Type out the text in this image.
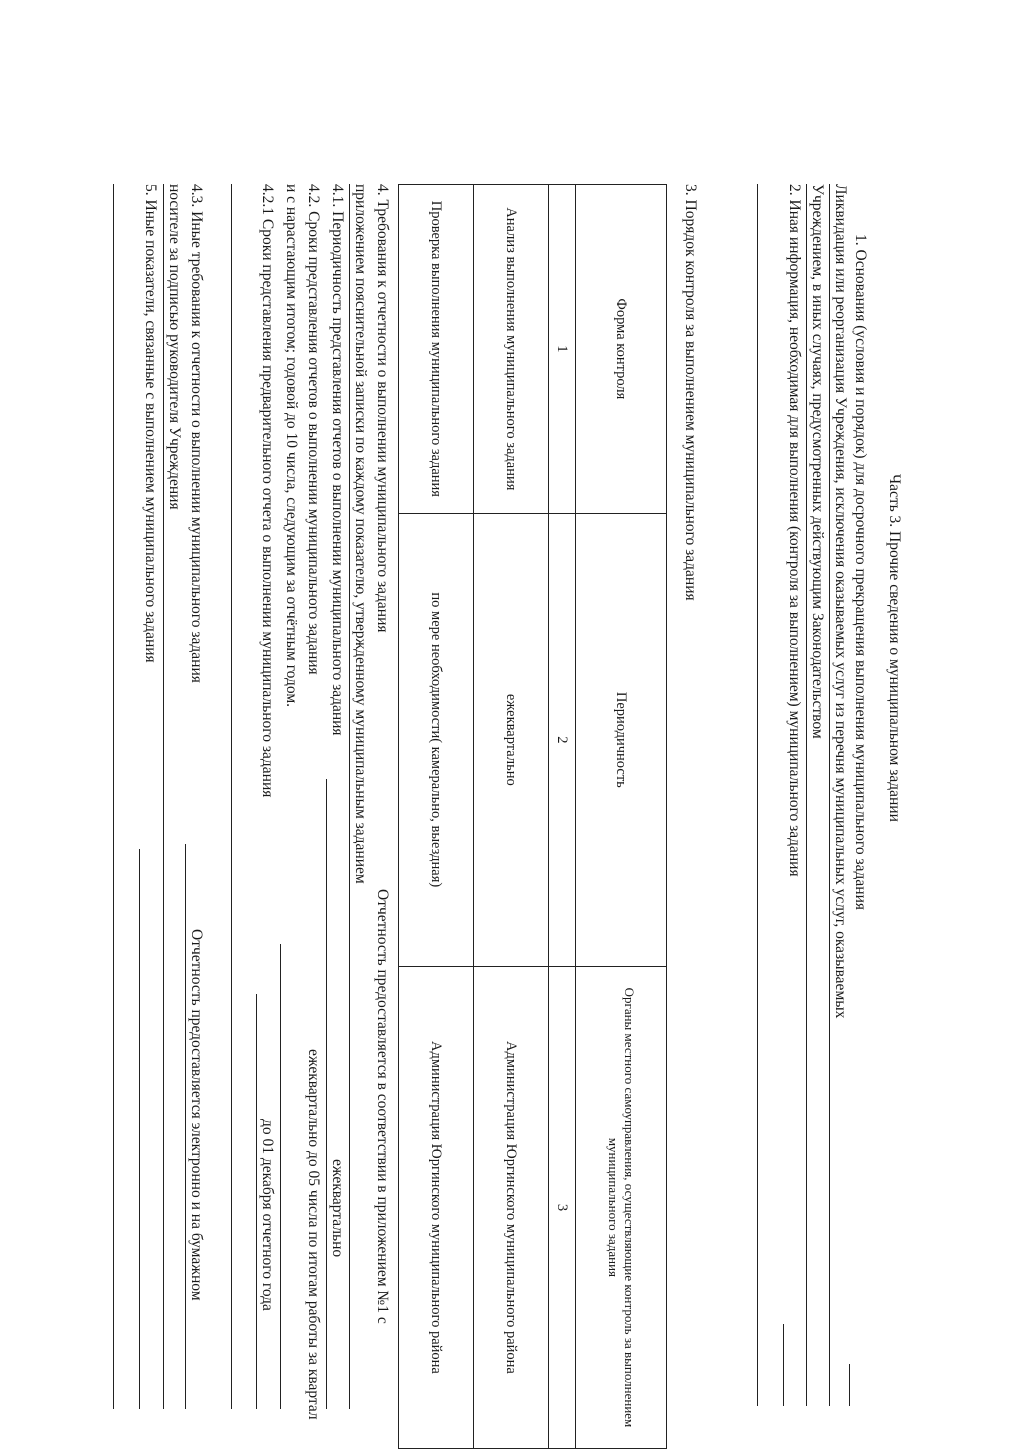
Часть 3. Прочие сведения о муниципальном задании
1. Основания (условия и порядок) для досрочного прекращения выполнения муниципального задания
Ликвидация или реорганизация Учреждения, исключения оказываемых услуг из перечня муниципальных услуг, оказываемых
Учреждением, в иных случаях, предусмотренных действующим Законодательством
2. Иная информация, необходимая для выполнения (контроля за выполнением) муниципального задания
3. Порядок контроля за выполнением муниципального задания
Форма контроля	Периодичность	Органы местного самоуправления, осуществляющие контроль за выполнением муниципального задания
1	2	3
Анализ выполнения муниципального задания	ежеквартально	Администрация Юргинского муниципального района
Проверка выполнения муниципального задания	по мере необходимости( камерально, выездная)	Администрация Юргинского муниципального района
4. Требования к отчетности о выполнении муниципального задания
Отчетность предоставляется в соответствии в приложением №1 с
приложением пояснительной записки по каждому показателю, утвержденному муниципальным заданием
4.1. Периодичность представления отчетов о выполнении муниципального задания
ежеквартально
4.2. Сроки представления отчетов о выполнении муниципального задания
ежеквартально до 05 числа по итогам работы за квартал
и с нарастающим итогом; годовой до 10 числа, следующим за отчётным годом.
4.2.1 Сроки представления предварительного отчета о выполнении муниципального задания
до 01 декабря отчетного года
4.3. Иные требования к отчетности о выполнении муниципального задания
Отчетность предоставляется электронно и на бумажном
носителе за подписью руководителя Учреждения
5. Иные показатели, связанные с выполнением муниципального задания
